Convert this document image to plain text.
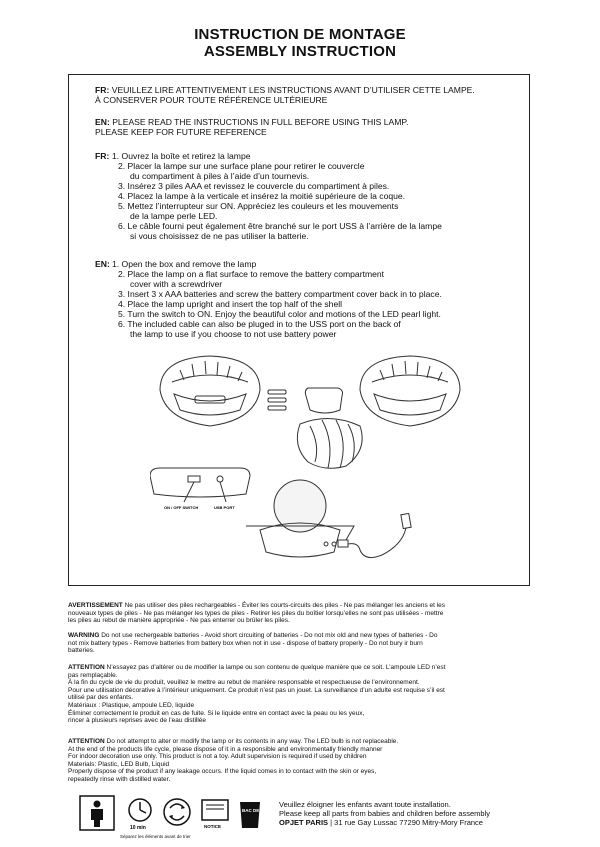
INSTRUCTION DE MONTAGE
ASSEMBLY INSTRUCTION
FR: VEUILLEZ LIRE ATTENTIVEMENT LES INSTRUCTIONS AVANT D’UTILISER CETTE LAMPE.
À CONSERVER POUR TOUTE RÉFÉRENCE ULTÉRIEURE
EN: PLEASE READ THE INSTRUCTIONS IN FULL BEFORE USING THIS LAMP.
PLEASE KEEP FOR FUTURE REFERENCE
FR: 1. Ouvrez la boîte et retirez la lampe
2. Placer la lampe sur une surface plane pour retirer le couvercle
du compartiment à piles à l’aide d’un tournevis.
3. Insérez 3 piles AAA et revissez le couvercle du compartiment à piles.
4. Placez la lampe à la verticale et insérez la moitié supérieure de la coque.
5. Mettez l’interrupteur sur ON. Appréciez les couleurs et les mouvements
de la lampe perle LED.
6. Le câble fourni peut également être branché sur le port USS à l’arrière de la lampe
si vous choisissez de ne pas utiliser la batterie.
EN: 1. Open the box and remove the lamp
2. Place the lamp on a flat surface to remove the battery compartment
cover with a screwdriver
3. Insert 3 x AAA batteries and screw the battery compartment cover back in to place.
4. Place the lamp upright and insert the top half of the shell
5. Turn the switch to ON. Enjoy the beautiful color and motions of the LED pearl light.
6. The included cable can also be pluged in to the USS port on the back of
the lamp to use if you choose to not use battery power
ON / OFF SWITCH	USB PORT
AVERTISSEMENT Ne pas utiliser des piles rechargeables - Éviter les courts-circuits des piles - Ne pas mélanger les anciens et les
nouveaux types de piles - Ne pas mélanger les types de piles - Retirer les piles du boîtier lorsqu’elles ne sont pas utilisées - mettre
les piles au rebut de manière appropriée - Ne pas enterrer ou brûler les piles.
WARNING Do not use rechergeable batteries - Avoid short circuiting of batteries - Do not mix old and new types of batteries - Do
not mix battery types - Remove batteries from battery box when not in use - dispose of battery properly - Do not bury ir burn
batteries.
ATTENTION N’essayez pas d’altérer ou de modifier la lampe ou son contenu de quelque manière que ce soit. L’ampoule LED n’est
pas remplaçable.
À la fin du cycle de vie du produit, veuillez le mettre au rebut de manière responsable et respectueuse de l’environnement.
Pour une utilisation décorative à l’intérieur uniquement. Ce produit n’est pas un jouet. La surveillance d’un adulte est requise s’il est
utilisé par des enfants.
Matériaux : Plastique, ampoule LED, liquide
Éliminer correctement le produit en cas de fuite. Si le liquide entre en contact avec la peau ou les yeux,
rincer à plusieurs reprises avec de l’eau distillée
ATTENTION Do not attempt to alter or modify the lamp or its contents in any way. The LED bulb is not replaceable.
At the end of the products life cycle, please dispose of it in a responsible and environmentally friendly manner
For indoor decoration use only. This product is not a toy. Adult supervision is required if used by children
Materials: Plastic, LED Bulb, Liquid
Properly dispose of the product if any leakage occurs. If the liquid comes in to contact with the skin or eyes,
repeatedly rinse with distilled water.
10 min	NOTICE
BAC DE TRI
Séparez les éléments avant de trier
Veuillez éloigner les enfants avant toute installation.
Please keep all parts from babies and children before assembly
OPJET PARIS | 31 rue Gay Lussac 77290 Mitry-Mory France
